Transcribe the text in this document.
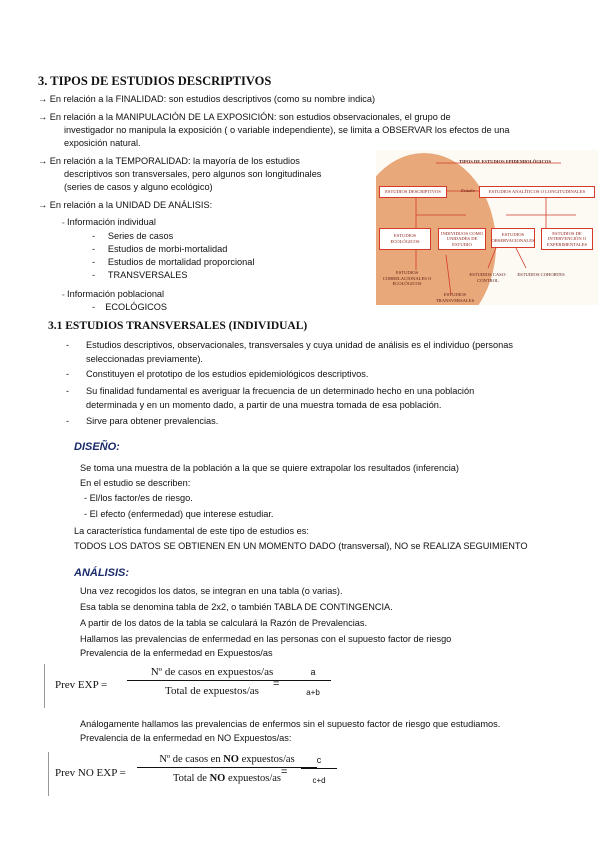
3. TIPOS DE ESTUDIOS DESCRIPTIVOS
→ En relación a la FINALIDAD: son estudios descriptivos (como su nombre indica)
→ En relación a la MANIPULACIÓN DE LA EXPOSICIÓN: son estudios observacionales, el grupo de
investigador no manipula la exposición ( o variable independiente), se limita a OBSERVAR los efectos de una
exposición natural.
→ En relación a la TEMPORALIDAD: la mayoría de los estudios
descriptivos son transversales, pero algunos son longitudinales
(series de casos y alguno ecológico)
→ En relación a la UNIDAD DE ANÁLISIS:
◦ Información individual
-     Series de casos
-     Estudios de morbi-mortalidad
-     Estudios de mortalidad proporcional
-     TRANSVERSALES
◦ Información poblacional
-    ECOLÓGICOS
TIPOS DE ESTUDIOS EPIDEMIOLÓGICOS
ESTUDIOS DESCRIPTIVOS	Estudio	ESTUDIOS ANALÍTICOS O LONGITUDINALES
ESTUDIOS ECOLÓGICOS
INDIVIDUOS COMO UNIDADES DE ESTUDIO
ESTUDIOS OBSERVACIONALES
ESTUDIOS DE INTERVENCIÓN O EXPERIMENTALES
ESTUDIOS CORRELACIONALES O ECOLÓGICOS
ESTUDIOS CASO-CONTROL
ESTUDIOS COHORTES
ESTUDIOS TRANSVERSALES
3.1 ESTUDIOS TRANSVERSALES (INDIVIDUAL)
- Estudios descriptivos, observacionales, transversales y cuya unidad de análisis es el individuo (personas
seleccionadas previamente).
- Constituyen el prototipo de los estudios epidemiológicos descriptivos.
- Su finalidad fundamental es averiguar la frecuencia de un determinado hecho en una población
determinada y en un momento dado, a partir de una muestra tomada de esa población.
- Sirve para obtener prevalencias.
DISEÑO:
Se toma una muestra de la población a la que se quiere extrapolar los resultados (inferencia)
En el estudio se describen:
- El/los factor/es de riesgo.
- El efecto (enfermedad) que interese estudiar.
La característica fundamental de este tipo de estudios es:
TODOS LOS DATOS SE OBTIENEN EN UN MOMENTO DADO (transversal), NO se REALIZA SEGUIMIENTO
ANÁLISIS:
Una vez recogidos los datos, se integran en una tabla (o varias).
Esa tabla se denomina tabla de 2x2, o también TABLA DE CONTINGENCIA.
A partir de los datos de la tabla se calculará la Razón de Prevalencias.
Hallamos las prevalencias de enfermedad en las personas con el supuesto factor de riesgo
Prevalencia de la enfermedad en Expuestos/as
Prev EXP =
Nº de casos en expuestos/as
Total de expuestos/as
=
a
a+b
Análogamente hallamos las prevalencias de enfermos sin el supuesto factor de riesgo que estudiamos.
Prevalencia de la enfermedad en NO Expuestos/as:
Prev NO EXP =
Nº de casos en NO expuestos/as
Total de NO expuestos/as
=
c
c+d
